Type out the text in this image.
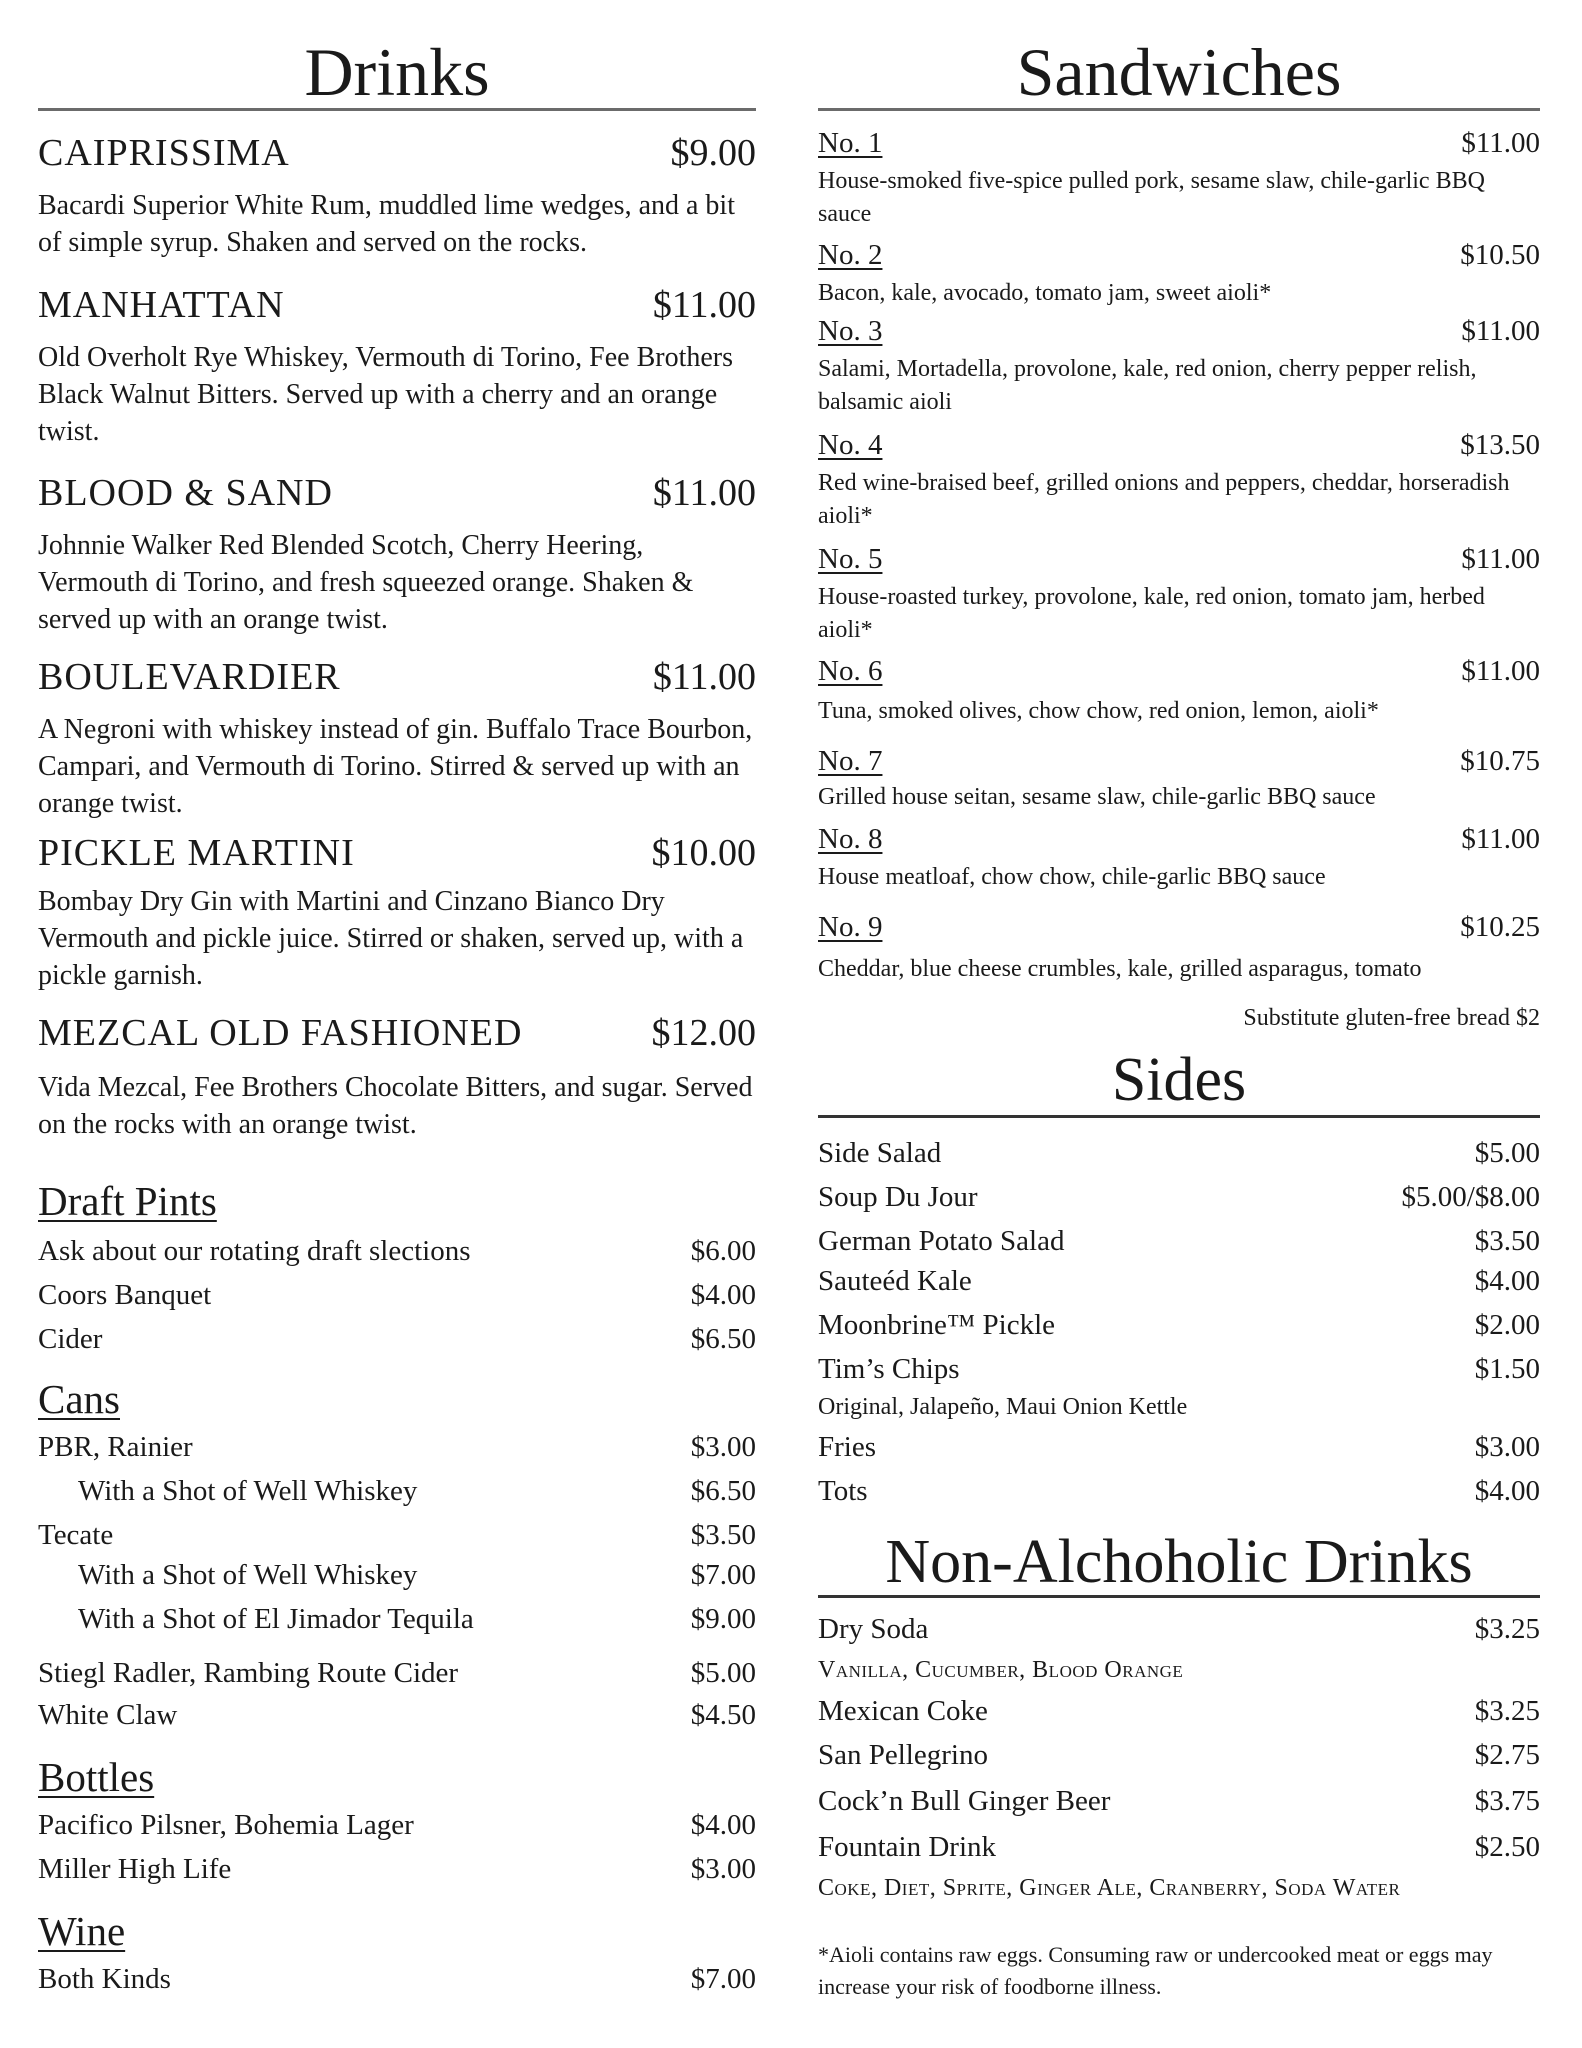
Drinks
CAIPRISSIMA	$9.00
Bacardi Superior White Rum, muddled lime wedges, and a bit of simple syrup. Shaken and served on the rocks.
MANHATTAN	$11.00
Old Overholt Rye Whiskey, Vermouth di Torino, Fee Brothers Black Walnut Bitters. Served up with a cherry and an orange twist.
BLOOD & SAND	$11.00
Johnnie Walker Red Blended Scotch, Cherry Heering, Vermouth di Torino, and fresh squeezed orange. Shaken & served up with an orange twist.
BOULEVARDIER	$11.00
A Negroni with whiskey instead of gin. Buffalo Trace Bourbon, Campari, and Vermouth di Torino. Stirred & served up with an orange twist.
PICKLE MARTINI	$10.00
Bombay Dry Gin with Martini and Cinzano Bianco Dry Vermouth and pickle juice. Stirred or shaken, served up, with a pickle garnish.
MEZCAL OLD FASHIONED	$12.00
Vida Mezcal, Fee Brothers Chocolate Bitters, and sugar. Served on the rocks with an orange twist.
Draft Pints
Ask about our rotating draft slections	$6.00
Coors Banquet	$4.00
Cider	$6.50
Cans
PBR, Rainier	$3.00
With a Shot of Well Whiskey	$6.50
Tecate	$3.50
With a Shot of Well Whiskey	$7.00
With a Shot of El Jimador Tequila	$9.00
Stiegl Radler, Rambing Route Cider	$5.00
White Claw	$4.50
Bottles
Pacifico Pilsner, Bohemia Lager	$4.00
Miller High Life	$3.00
Wine
Both Kinds	$7.00
Sandwiches
No. 1	$11.00
House-smoked five-spice pulled pork, sesame slaw, chile-garlic BBQ sauce
No. 2	$10.50
Bacon, kale, avocado, tomato jam, sweet aioli*
No. 3	$11.00
Salami, Mortadella, provolone, kale, red onion, cherry pepper relish, balsamic aioli
No. 4	$13.50
Red wine-braised beef, grilled onions and peppers, cheddar, horseradish aioli*
No. 5	$11.00
House-roasted turkey, provolone, kale, red onion, tomato jam, herbed aioli*
No. 6	$11.00
Tuna, smoked olives, chow chow, red onion, lemon, aioli*
No. 7	$10.75
Grilled house seitan, sesame slaw, chile-garlic BBQ sauce
No. 8	$11.00
House meatloaf, chow chow, chile-garlic BBQ sauce
No. 9	$10.25
Cheddar, blue cheese crumbles, kale, grilled asparagus, tomato
Substitute gluten-free bread $2
Sides
Side Salad	$5.00
Soup Du Jour	$5.00/$8.00
German Potato Salad	$3.50
Sauteéd Kale	$4.00
Moonbrine™ Pickle	$2.00
Tim’s Chips	$1.50
Original, Jalapeño, Maui Onion Kettle
Fries	$3.00
Tots	$4.00
Non-Alchoholic Drinks
Dry Soda	$3.25
Vanilla, Cucumber, Blood Orange
Mexican Coke	$3.25
San Pellegrino	$2.75
Cock’n Bull Ginger Beer	$3.75
Fountain Drink	$2.50
Coke, Diet, Sprite, Ginger Ale, Cranberry, Soda Water
*Aioli contains raw eggs. Consuming raw or undercooked meat or eggs may increase your risk of foodborne illness.
